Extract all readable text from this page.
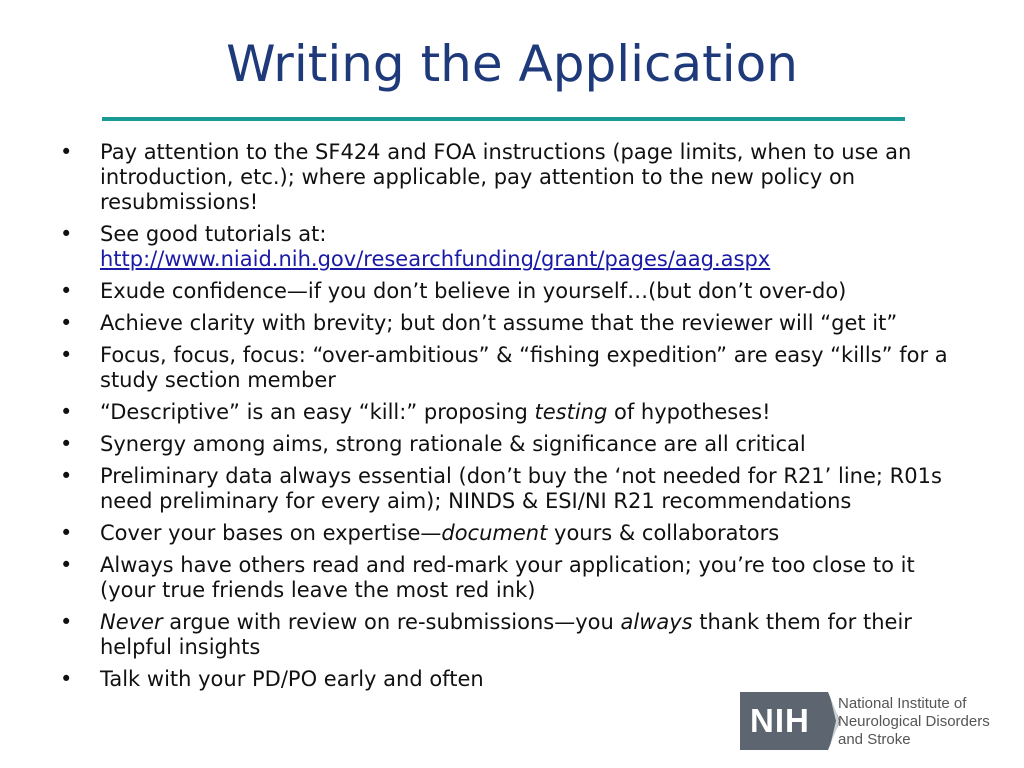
Writing the Application
•	Pay attention to the SF424 and FOA instructions (page limits, when to use an introduction, etc.); where applicable, pay attention to the new policy on resubmissions!
•	See good tutorials at:
http://www.niaid.nih.gov/researchfunding/grant/pages/aag.aspx
•	Exude confidence—if you don’t believe in yourself…(but don’t over-do)
•	Achieve clarity with brevity; but don’t assume that the reviewer will “get it”
•	Focus, focus, focus: “over-ambitious” & “fishing expedition” are easy “kills” for a study section member
•	“Descriptive” is an easy “kill:” proposing testing of hypotheses!
•	Synergy among aims, strong rationale & significance are all critical
•	Preliminary data always essential (don’t buy the ‘not needed for R21’ line; R01s need preliminary for every aim); NINDS & ESI/NI R21 recommendations
•	Cover your bases on expertise—document yours & collaborators
•	Always have others read and red-mark your application; you’re too close to it (your true friends leave the most red ink)
•	Never argue with review on re-submissions—you always thank them for their helpful insights
•	Talk with your PD/PO early and often
NIH National Institute of
Neurological Disorders
and Stroke
